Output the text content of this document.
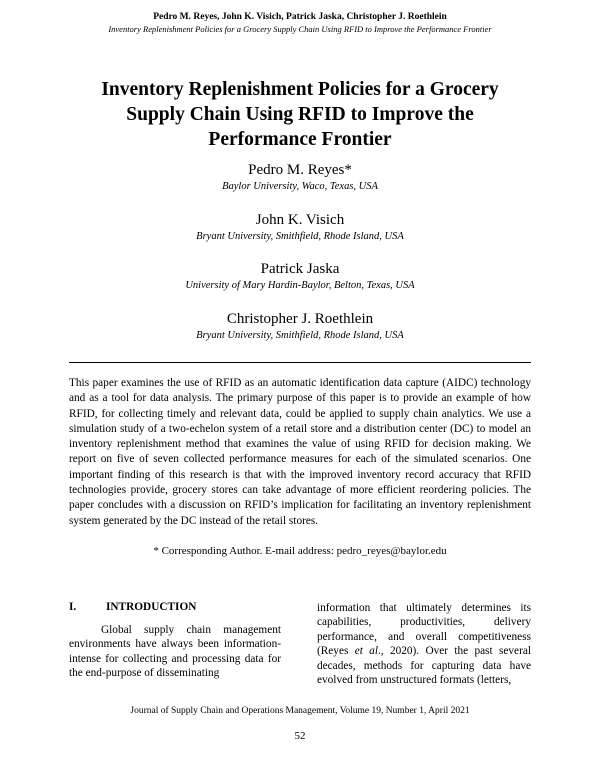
Pedro M. Reyes, John K. Visich, Patrick Jaska, Christopher J. Roethlein
Inventory Replenishment Policies for a Grocery Supply Chain Using RFID to Improve the Performance Frontier
Inventory Replenishment Policies for a Grocery
Supply Chain Using RFID to Improve the
Performance Frontier
Pedro M. Reyes*
Baylor University, Waco, Texas, USA
John K. Visich
Bryant University, Smithfield, Rhode Island, USA
Patrick Jaska
University of Mary Hardin-Baylor, Belton, Texas, USA
Christopher J. Roethlein
Bryant University, Smithfield, Rhode Island, USA
This paper examines the use of RFID as an automatic identification data capture (AIDC) technology and as a tool for data analysis. The primary purpose of this paper is to provide an example of how RFID, for collecting timely and relevant data, could be applied to supply chain analytics. We use a simulation study of a two-echelon system of a retail store and a distribution center (DC) to model an inventory replenishment method that examines the value of using RFID for decision making. We report on five of seven collected performance measures for each of the simulated scenarios. One important finding of this research is that with the improved inventory record accuracy that RFID technologies provide, grocery stores can take advantage of more efficient reordering policies. The paper concludes with a discussion on RFID’s implication for facilitating an inventory replenishment system generated by the DC instead of the retail stores.
* Corresponding Author. E-mail address: pedro_reyes@baylor.edu
I.	INTRODUCTION
Global supply chain management environments have always been information-intense for collecting and processing data for the end-purpose of disseminating
information that ultimately determines its capabilities, productivities, delivery performance, and overall competitiveness (Reyes et al., 2020). Over the past several decades, methods for capturing data have evolved from unstructured formats (letters,
Journal of Supply Chain and Operations Management, Volume 19, Number 1, April 2021
52
